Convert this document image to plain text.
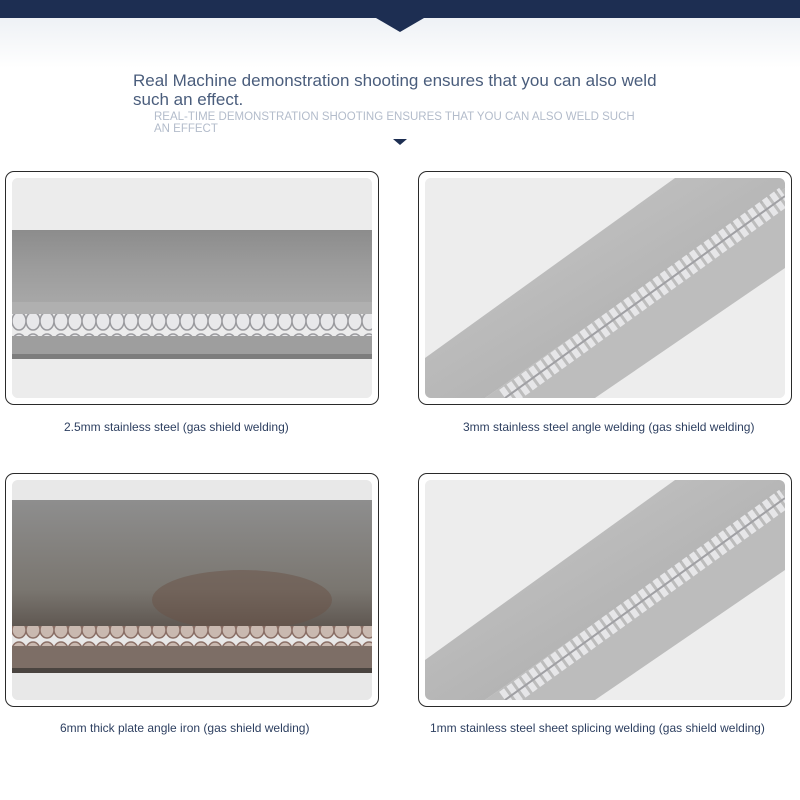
Real Machine demonstration shooting ensures that you can also weld such an effect.
REAL-TIME DEMONSTRATION SHOOTING ENSURES THAT YOU CAN ALSO WELD SUCH AN EFFECT
2.5mm stainless steel (gas shield welding)	3mm stainless steel angle welding (gas shield welding)
6mm thick plate angle iron (gas shield welding)	1mm stainless steel sheet splicing welding (gas shield welding)
